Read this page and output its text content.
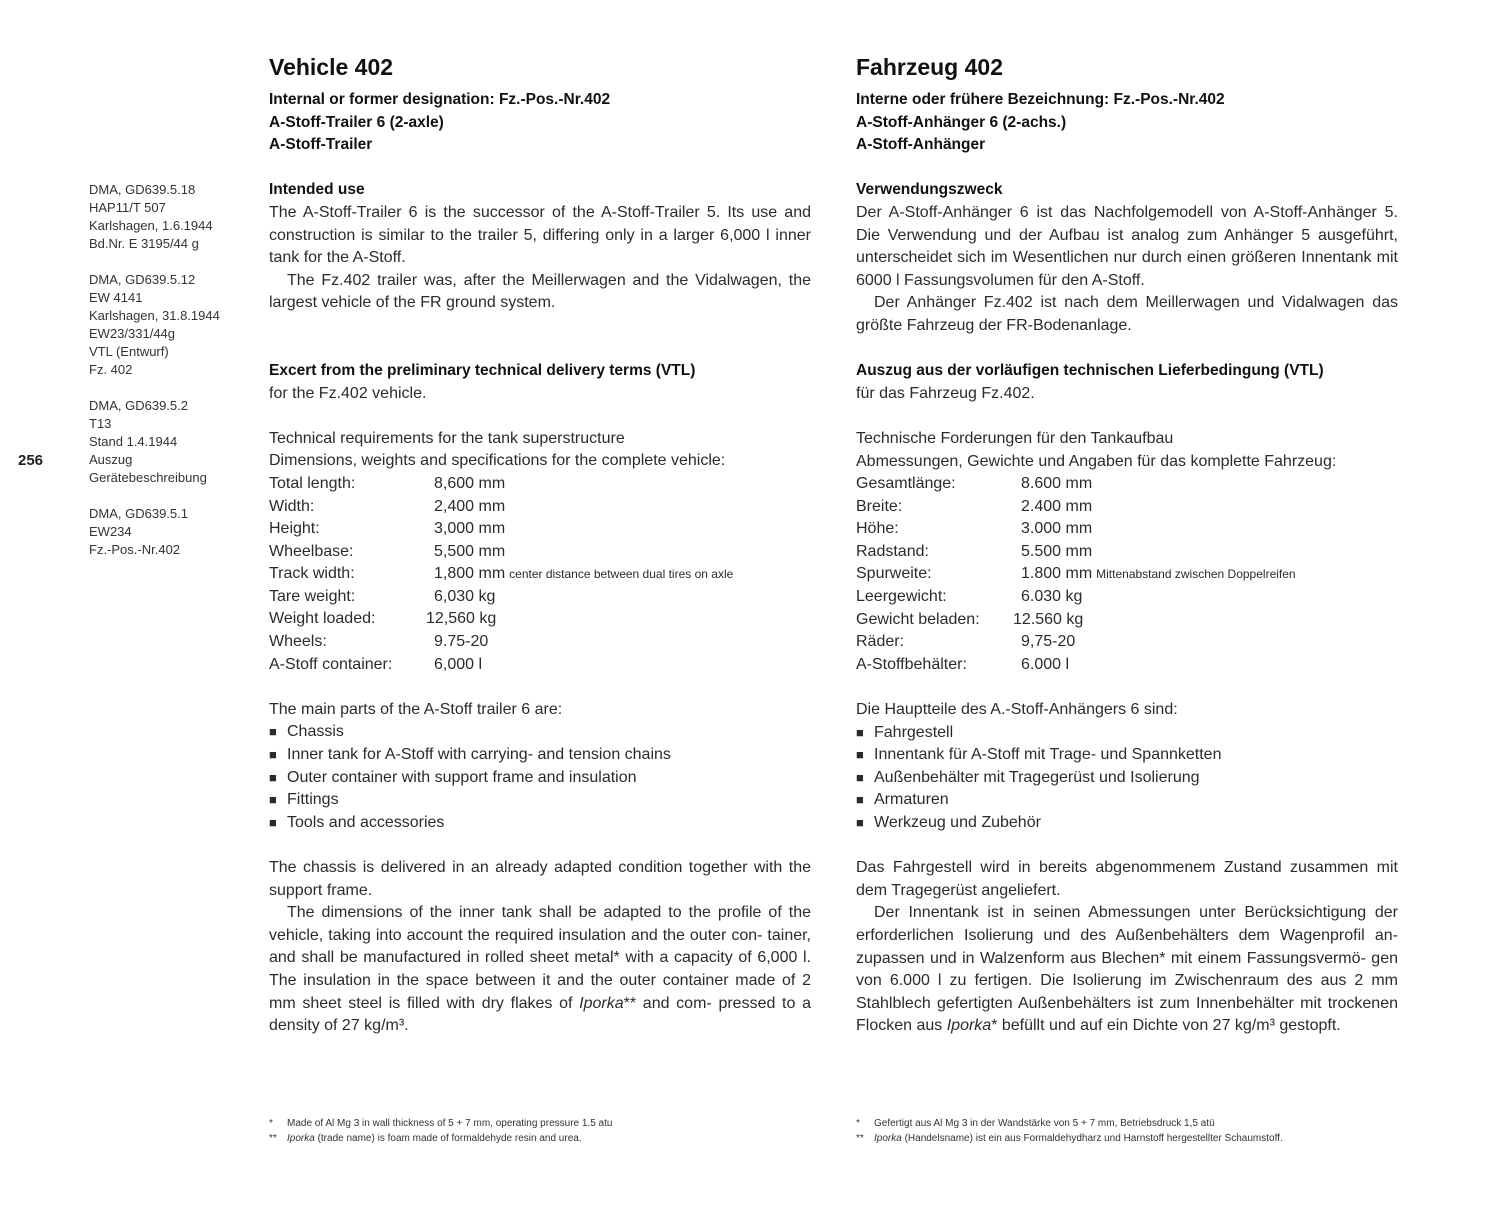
256
DMA, GD639.5.18
HAP11/T 507
Karlshagen, 1.6.1944
Bd.Nr. E 3195/44 g
DMA, GD639.5.12
EW 4141
Karlshagen, 31.8.1944
EW23/331/44g
VTL (Entwurf)
Fz. 402
DMA, GD639.5.2
T13
Stand 1.4.1944
Auszug
Gerätebeschreibung
DMA, GD639.5.1
EW234
Fz.-Pos.-Nr.402
Vehicle 402
Internal or former designation: Fz.-Pos.-Nr.402
A-Stoff-Trailer 6 (2-axle)
A-Stoff-Trailer
Intended use

The A-Stoff-Trailer 6 is the successor of the A-Stoff-Trailer 5. Its use and construction is similar to the trailer 5, differing only in a larger 6,000 l inner tank for the A-Stoff.

The Fz.402 trailer was, after the Meillerwagen and the Vidalwagen, the largest vehicle of the FR ground system.

Excert from the preliminary technical delivery terms (VTL)

for the Fz.402 vehicle.

Technical requirements for the tank superstructure

Dimensions, weights and specifications for the complete vehicle:

Total length:	8,600 mm
Width:	2,400 mm
Height:	3,000 mm
Wheelbase:	5,500 mm
Track width:	1,800 mm center distance between dual tires on axle
Tare weight:	6,030 kg
Weight loaded:	12,560 kg
Wheels:	9.75-20
A-Stoff container:	6,000 l

The main parts of the A-Stoff trailer 6 are:

■ Chassis
■ Inner tank for A-Stoff with carrying- and tension chains
■ Outer container with support frame and insulation
■ Fittings
■ Tools and accessories

The chassis is delivered in an already adapted condition together with the support frame.

The dimensions of the inner tank shall be adapted to the profile of the vehicle, taking into account the required insulation and the outer con- tainer, and shall be manufactured in rolled sheet metal* with a capacity of 6,000 l. The insulation in the space between it and the outer container made of 2 mm sheet steel is filled with dry flakes of Iporka** and com- pressed to a density of 27 kg/m³.

Fahrzeug 402
Interne oder frühere Bezeichnung: Fz.-Pos.-Nr.402
A-Stoff-Anhänger 6 (2-achs.)
A-Stoff-Anhänger
Verwendungszweck

Der A-Stoff-Anhänger 6 ist das Nachfolgemodell von A-Stoff-Anhänger 5. Die Verwendung und der Aufbau ist analog zum Anhänger 5 ausgeführt, unterscheidet sich im Wesentlichen nur durch einen größeren Innentank mit 6000 l Fassungsvolumen für den A-Stoff.

Der Anhänger Fz.402 ist nach dem Meillerwagen und Vidalwagen das größte Fahrzeug der FR-Bodenanlage.

Auszug aus der vorläufigen technischen Lieferbedingung (VTL)

für das Fahrzeug Fz.402.

Technische Forderungen für den Tankaufbau

Abmessungen, Gewichte und Angaben für das komplette Fahrzeug:

Gesamtlänge:	8.600 mm
Breite:	2.400 mm
Höhe:	3.000 mm
Radstand:	5.500 mm
Spurweite:	1.800 mm Mittenabstand zwischen Doppelreifen
Leergewicht:	6.030 kg
Gewicht beladen:	12.560 kg
Räder:	9,75-20
A-Stoffbehälter:	6.000 l

Die Hauptteile des A.-Stoff-Anhängers 6 sind:

■ Fahrgestell
■ Innentank für A-Stoff mit Trage- und Spannketten
■ Außenbehälter mit Tragegerüst und Isolierung
■ Armaturen
■ Werkzeug und Zubehör

Das Fahrgestell wird in bereits abgenommenem Zustand zusammen mit dem Tragegerüst angeliefert.

Der Innentank ist in seinen Abmessungen unter Berücksichtigung der erforderlichen Isolierung und des Außenbehälters dem Wagenprofil an- zupassen und in Walzenform aus Blechen* mit einem Fassungsvermö- gen von 6.000 l zu fertigen. Die Isolierung im Zwischenraum des aus 2 mm Stahlblech gefertigten Außenbehälters ist zum Innenbehälter mit trockenen Flocken aus Iporka* befüllt und auf ein Dichte von 27 kg/m³ gestopft.

*	Made of Al Mg 3 in wall thickness of 5 + 7 mm, operating pressure 1.5 atu
**	Iporka (trade name) is foam made of formaldehyde resin and urea.
*	Gefertigt aus Al Mg 3 in der Wandstärke von 5 + 7 mm, Betriebsdruck 1,5 atü
**	Iporka (Handelsname) ist ein aus Formaldehydharz und Harnstoff hergestellter Schaumstoff.
